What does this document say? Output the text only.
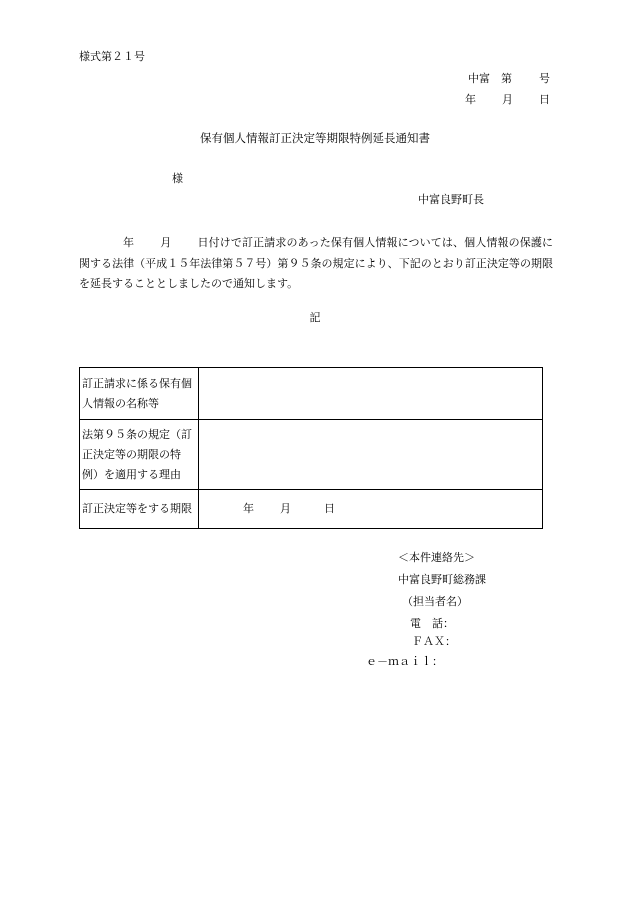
様式第２１号
中富 第 号
年 月 日
保有個人情報訂正決定等期限特例延長通知書
様
中富良野町長
年 月 日付けで訂正請求のあった保有個人情報については、個人情報の保護に関する法律（平成１５年法律第５７号）第９５条の規定により、下記のとおり訂正決定等の期限を延長することとしましたので通知します。
記
訂正請求に係る保有個人情報の名称等	
法第９５条の規定（訂正決定等の期限の特例）を適用する理由	
訂正決定等をする期限	年 月 日
＜本件連絡先＞
中富良野町総務課
（担当者名）
電　話：
ＦＡＸ：
ｅ－ｍａｉｌ：
